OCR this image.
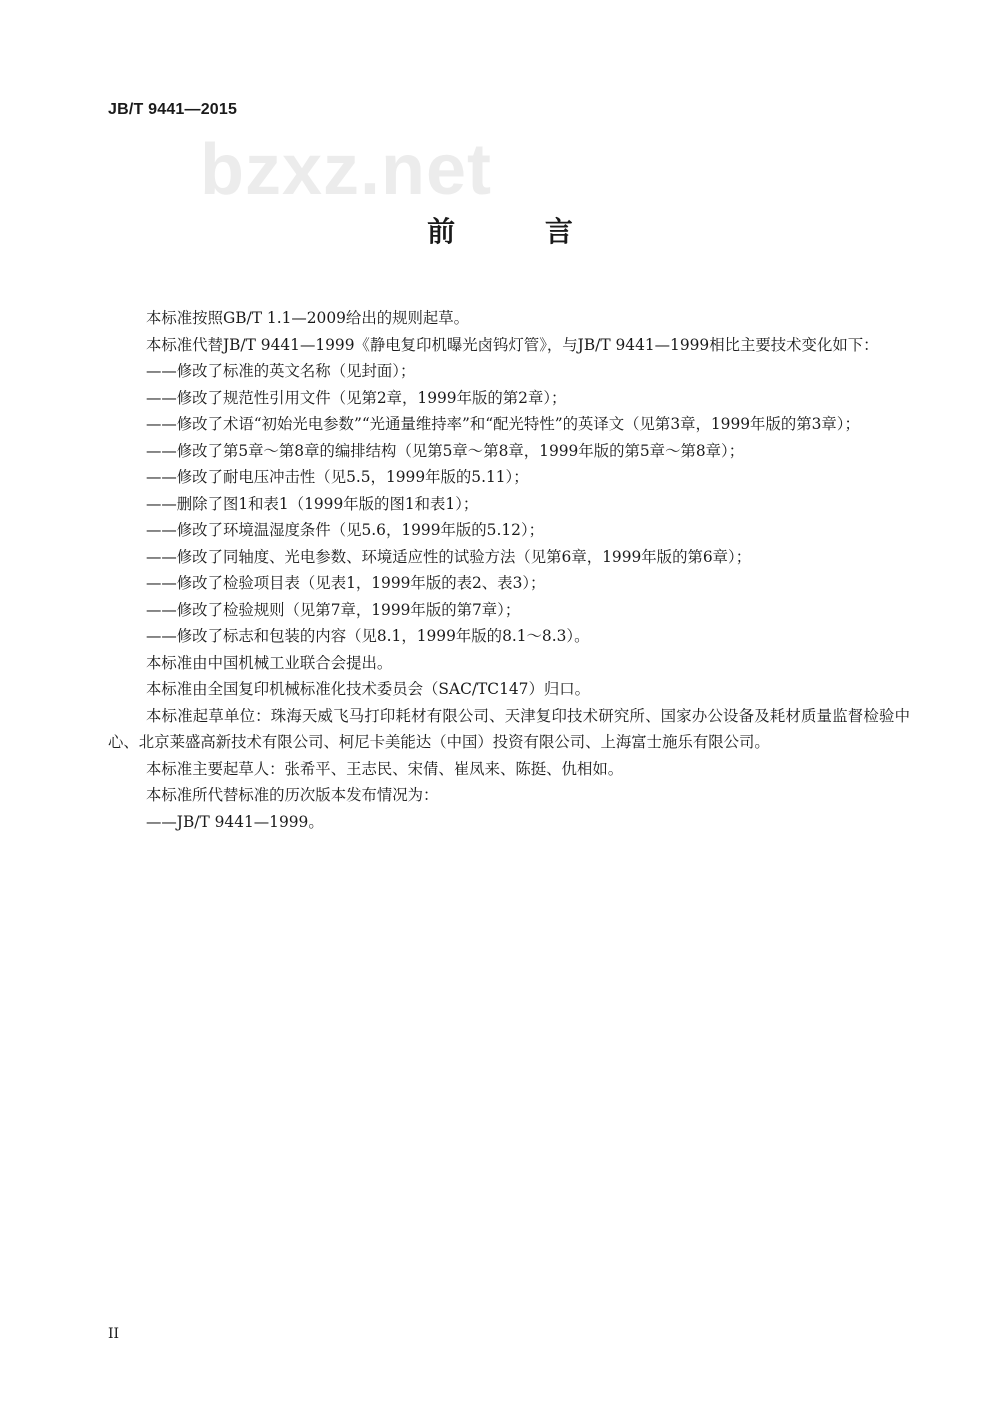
JB/T 9441—2015
bzxz.net
前 言

本标准按照GB/T 1.1—2009给出的规则起草。

本标准代替JB/T 9441—1999《静电复印机曝光卤钨灯管》，与JB/T 9441—1999相比主要技术变化如下：

——修改了标准的英文名称（见封面）；

——修改了规范性引用文件（见第2章，1999年版的第2章）；

——修改了术语“初始光电参数”“光通量维持率”和“配光特性”的英译文（见第3章，1999年版的第3章）；

——修改了第5章～第8章的编排结构（见第5章～第8章，1999年版的第5章～第8章）；

——修改了耐电压冲击性（见5.5，1999年版的5.11）；

——删除了图1和表1（1999年版的图1和表1）；

——修改了环境温湿度条件（见5.6，1999年版的5.12）；

——修改了同轴度、光电参数、环境适应性的试验方法（见第6章，1999年版的第6章）；

——修改了检验项目表（见表1，1999年版的表2、表3）；

——修改了检验规则（见第7章，1999年版的第7章）；

——修改了标志和包装的内容（见8.1，1999年版的8.1～8.3）。

本标准由中国机械工业联合会提出。

本标准由全国复印机械标准化技术委员会（SAC/TC147）归口。

本标准起草单位：珠海天威飞马打印耗材有限公司、天津复印技术研究所、国家办公设备及耗材质量监督检验中心、北京莱盛高新技术有限公司、柯尼卡美能达（中国）投资有限公司、上海富士施乐有限公司。

本标准主要起草人：张希平、王志民、宋倩、崔凤来、陈挺、仇相如。

本标准所代替标准的历次版本发布情况为：

——JB/T 9441—1999。

II
